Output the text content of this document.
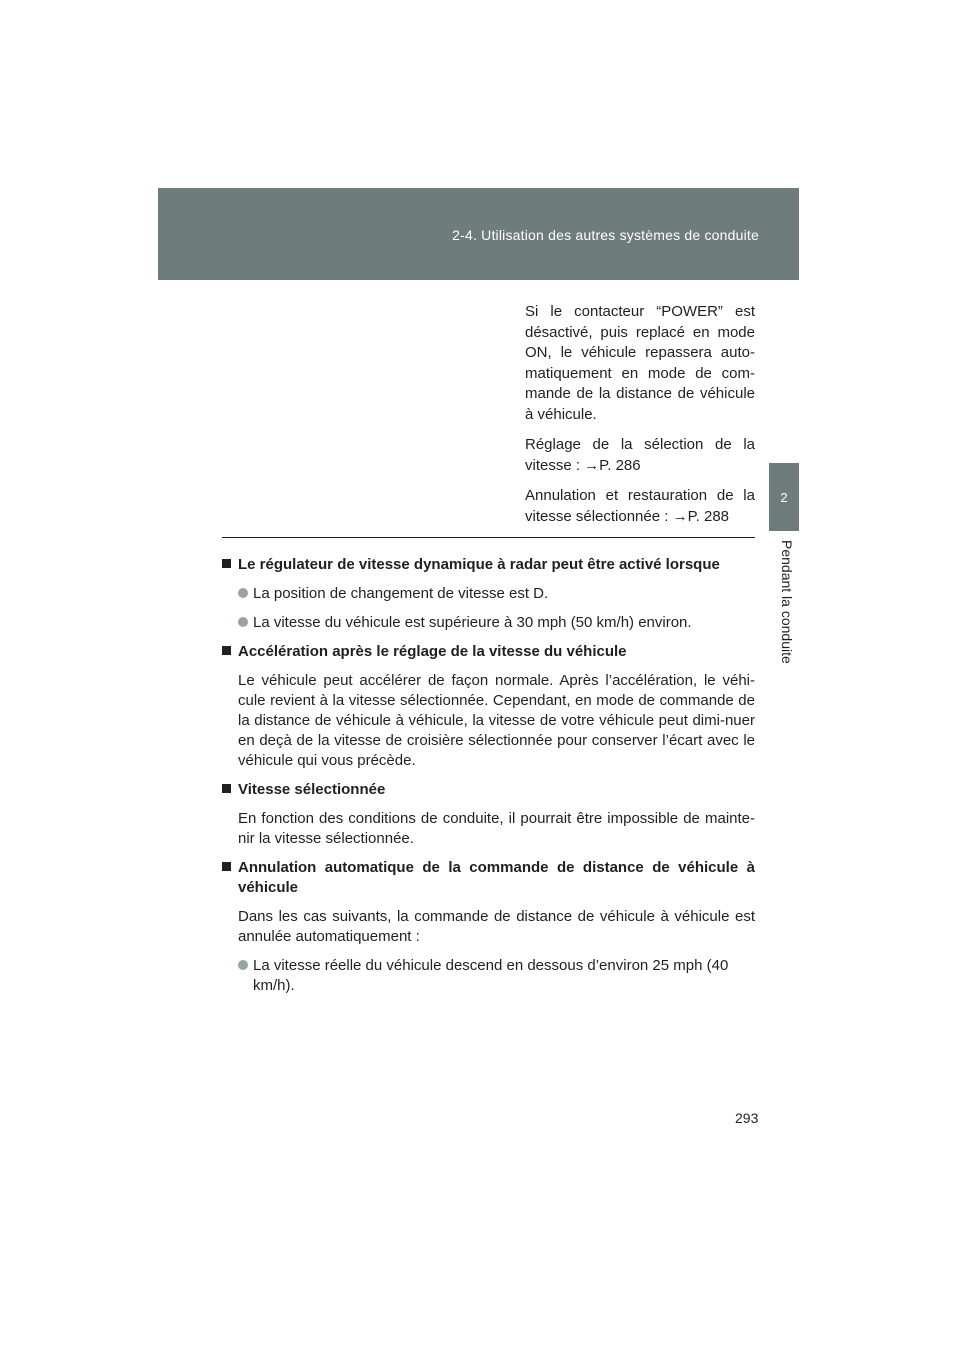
2-4. Utilisation des autres systèmes de conduite
2
Pendant la conduite

Si le contacteur “POWER” est désactivé, puis replacé en mode ON, le véhicule repassera auto-matiquement en mode de com-mande de la distance de véhicule à véhicule.

Réglage de la sélection de la vitesse : →P. 286

Annulation et restauration de la vitesse sélectionnée : →P. 288

Le régulateur de vitesse dynamique à radar peut être activé lorsque
La position de changement de vitesse est D.
La vitesse du véhicule est supérieure à 30 mph (50 km/h) environ.
Accélération après le réglage de la vitesse du véhicule

Le véhicule peut accélérer de façon normale. Après l’accélération, le véhi-cule revient à la vitesse sélectionnée. Cependant, en mode de commande de la distance de véhicule à véhicule, la vitesse de votre véhicule peut dimi-nuer en deçà de la vitesse de croisière sélectionnée pour conserver l’écart avec le véhicule qui vous précède.

Vitesse sélectionnée

En fonction des conditions de conduite, il pourrait être impossible de mainte-nir la vitesse sélectionnée.

Annulation automatique de la commande de distance de véhicule à véhicule

Dans les cas suivants, la commande de distance de véhicule à véhicule est annulée automatiquement :

La vitesse réelle du véhicule descend en dessous d’environ 25 mph (40 km/h).
293
